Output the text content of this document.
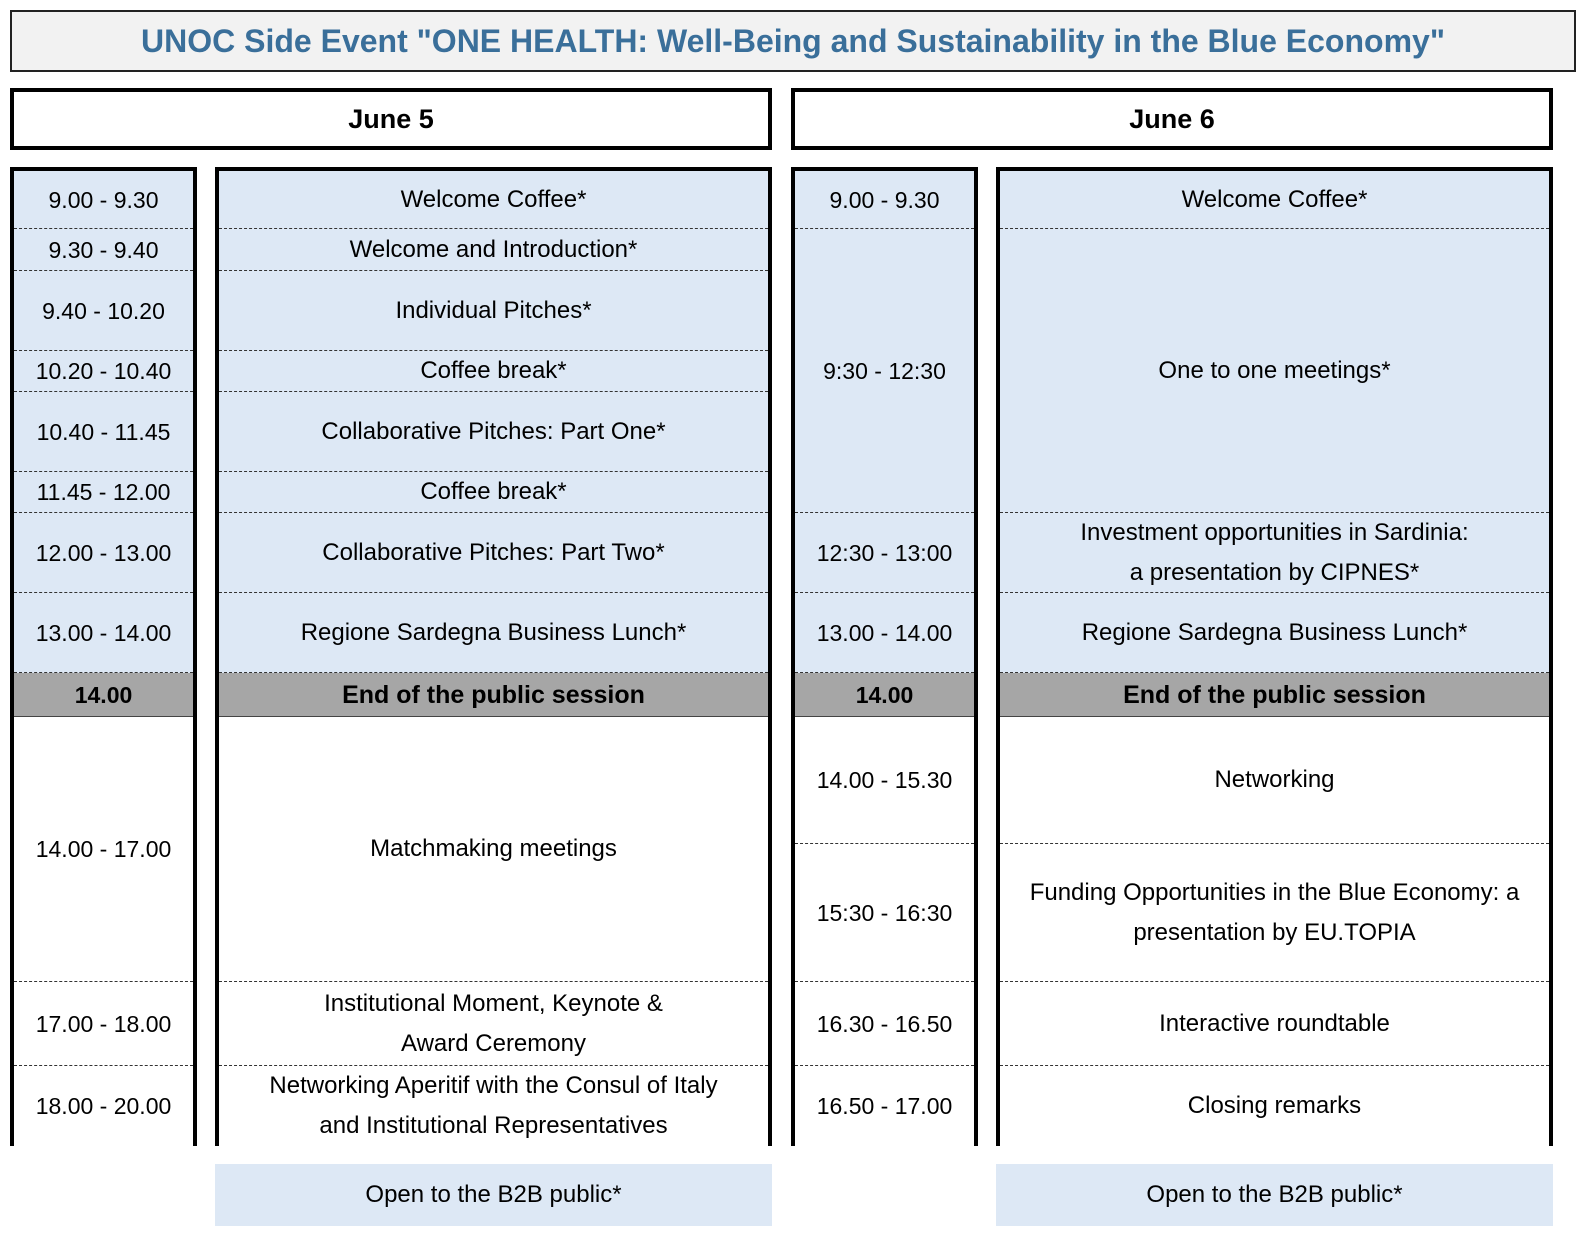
UNOC Side Event "ONE HEALTH: Well-Being and Sustainability in the Blue Economy"
June 5	June 6
9.00 - 9.30
9.30 - 9.40
9.40 - 10.20
10.20 - 10.40
10.40 - 11.45
11.45 - 12.00
12.00 - 13.00
13.00 - 14.00
14.00
14.00 - 17.00
17.00 - 18.00
18.00 - 20.00
Welcome Coffee*
Welcome and Introduction*
Individual Pitches*
Coffee break*
Collaborative Pitches: Part One*
Coffee break*
Collaborative Pitches: Part Two*
Regione Sardegna Business Lunch*
End of the public session
Matchmaking meetings
Institutional Moment, Keynote &
Award Ceremony
Networking Aperitif with the Consul of Italy
and Institutional Representatives
9.00 - 9.30
9:30 - 12:30
12:30 - 13:00
13.00 - 14.00
14.00
14.00 - 15.30
15:30 - 16:30
16.30 - 16.50
16.50 - 17.00
Welcome Coffee*
One to one meetings*
Investment opportunities in Sardinia:
a presentation by CIPNES*
Regione Sardegna Business Lunch*
End of the public session
Networking
Funding Opportunities in the Blue Economy: a
presentation by EU.TOPIA
Interactive roundtable
Closing remarks
Open to the B2B public*	Open to the B2B public*
